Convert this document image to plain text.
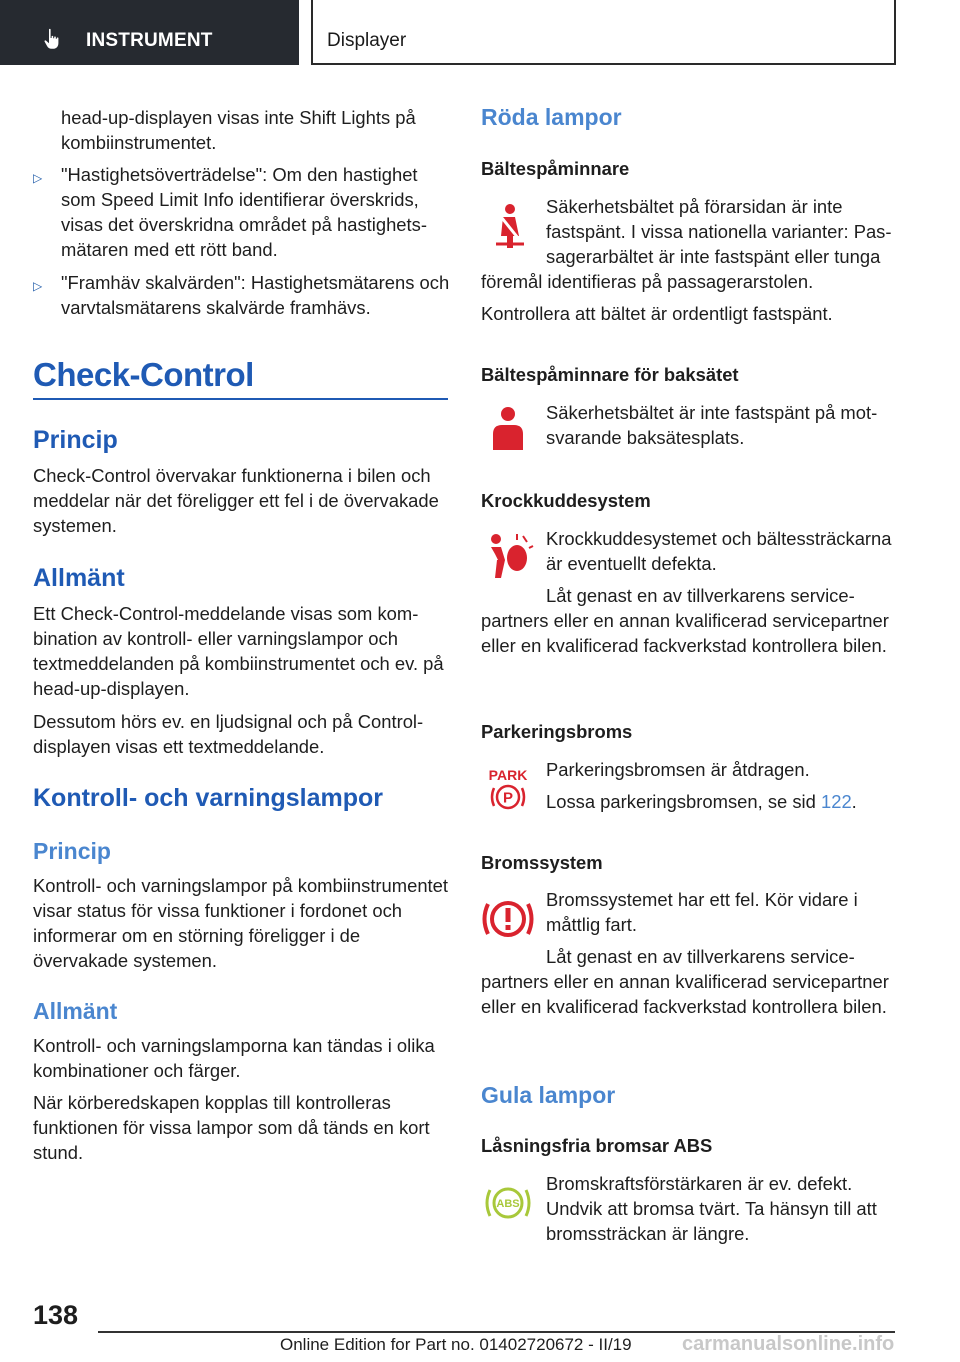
INSTRUMENT	Displayer

head-up-displayen visas inte Shift Lights på kombiinstrumentet.

▷ "Hastighetsöverträdelse": Om den hastighet som Speed Limit Info identifierar överskrids, visas det överskridna området på hastighetsmätaren med ett rött band.
▷ "Framhäv skalvärden": Hastighetsmätarens och varvtalsmätarens skalvärde framhävs.
Check-Control
Princip

Check-Control övervakar funktionerna i bilen och meddelar när det föreligger ett fel i de övervakade systemen.

Allmänt

Ett Check-Control-meddelande visas som kombination av kontroll- eller varningslampor och textmeddelanden på kombiinstrumentet och ev. på head-up-displayen.

Dessutom hörs ev. en ljudsignal och på Control-displayen visas ett textmeddelande.

Kontroll- och varningslampor
Princip

Kontroll- och varningslampor på kombiinstrumentet visar status för vissa funktioner i fordonet och informerar om en störning föreligger i de övervakade systemen.

Allmänt

Kontroll- och varningslamporna kan tändas i olika kombinationer och färger.

När körberedskapen kopplas till kontrolleras funktionen för vissa lampor som då tänds en kort stund.

Röda lampor
Bältespåminnare

Säkerhetsbältet på förarsidan är inte fastspänt. I vissa nationella varianter: Passagerarbältet är inte fastspänt eller tunga

föremål identifieras på passagerarstolen.

Kontrollera att bältet är ordentligt fastspänt.

Bältespåminnare för baksätet

Säkerhetsbältet är inte fastspänt på motsvarande baksätesplats.

Krockkuddesystem

Krockkuddesystemet och bältessträckarna är eventuellt defekta.

Låt genast en av tillverkarens service-

partners eller en annan kvalificerad servicepartner eller en kvalificerad fackverkstad kontrollera bilen.

Parkeringsbroms
PARK
P

Parkeringsbromsen är åtdragen.

Lossa parkeringsbromsen, se sid 122.

Bromssystem

Bromssystemet har ett fel. Kör vidare i måttlig fart.

Låt genast en av tillverkarens service-

partners eller en annan kvalificerad servicepartner eller en kvalificerad fackverkstad kontrollera bilen.

Gula lampor
Låsningsfria bromsar ABS
ABS

Bromskraftsförstärkaren är ev. defekt. Undvik att bromsa tvärt. Ta hänsyn till att bromssträckan är längre.

138
Online Edition for Part no. 01402720672 - II/19	carmanualsonline.info
